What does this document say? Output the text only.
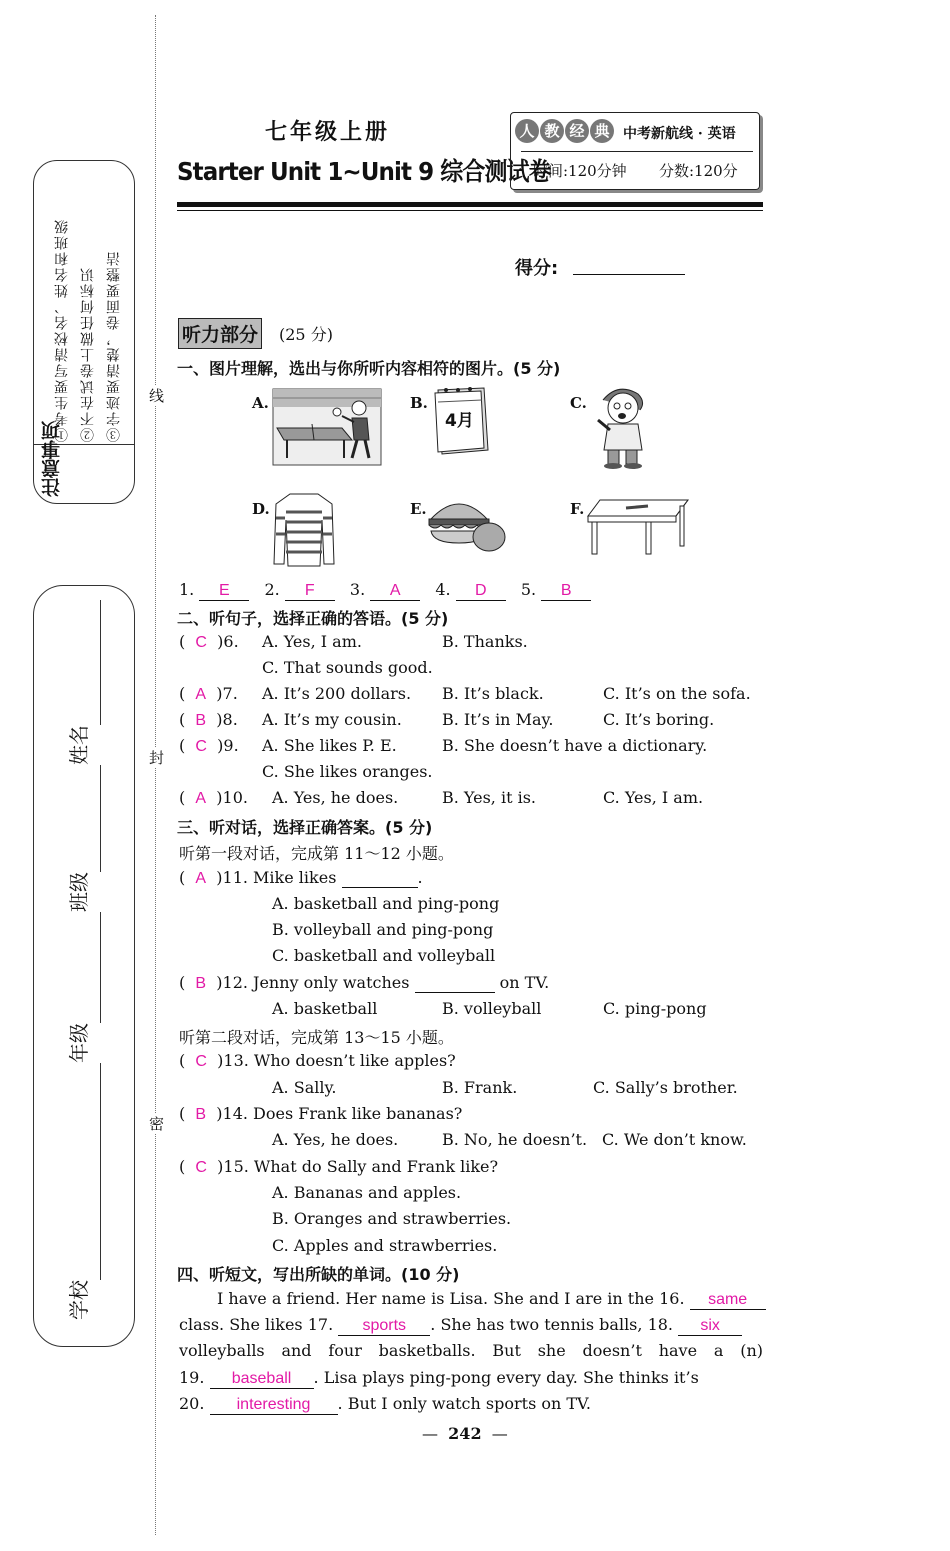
线
封
密
注意事项
①考生要写清校名、姓名和班级 ②不在试卷上做任何标识 ③字迹要清楚，卷面要整洁
学校
年级
班级
姓名
七年级上册
Starter Unit 1~Unit 9 综合测试卷
人 教 经 典 中考新航线 · 英语
时间:120分钟 分数:120分
得分:
听力部分 (25 分)
一、图片理解，选出与你所听内容相符的图片。(5 分)
A.	B.
4月
C.
D.	E.	F.
1. E 2. F 3. A 4. D 5. B
二、听句子，选择正确的答语。(5 分)
(  C )6. A. Yes, I am.	B. Thanks.
C. That sounds good.
(  A )7. A. It’s 200 dollars. B. It’s black.	C. It’s on the sofa.
(  B )8. A. It’s my cousin.	B. It’s in May.	C. It’s boring.
(  C )9. A. She likes P. E.	B. She doesn’t have a dictionary.
C. She likes oranges.
(  A )10. A. Yes, he does.	B. Yes, it is.	C. Yes, I am.
三、听对话，选择正确答案。(5 分)
听第一段对话，完成第 11～12 小题。
(  A )11. Mike likes	.
A. basketball and ping-pong
B. volleyball and ping-pong
C. basketball and volleyball
(  B )12. Jenny only watches	on TV.
A. basketball	B. volleyball	C. ping-pong
听第二段对话，完成第 13～15 小题。
(  C )13. Who doesn’t like apples?
A. Sally.	B. Frank.	C. Sally’s brother.
(  B )14. Does Frank like bananas?
A. Yes, he does.	B. No, he doesn’t. C. We don’t know.
(  C )15. What do Sally and Frank like?
A. Bananas and apples.
B. Oranges and strawberries.
C. Apples and strawberries.
四、听短文，写出所缺的单词。(10 分)
I have a friend. Her name is Lisa. She and I are in the 16. same
class. She likes 17. sports . She has two tennis balls, 18. six
volleyballs and four basketballs. But she doesn’t have a (n)
19. baseball . Lisa plays ping-pong every day. She thinks it’s
20. interesting . But I only watch sports on TV.
— 242 —
